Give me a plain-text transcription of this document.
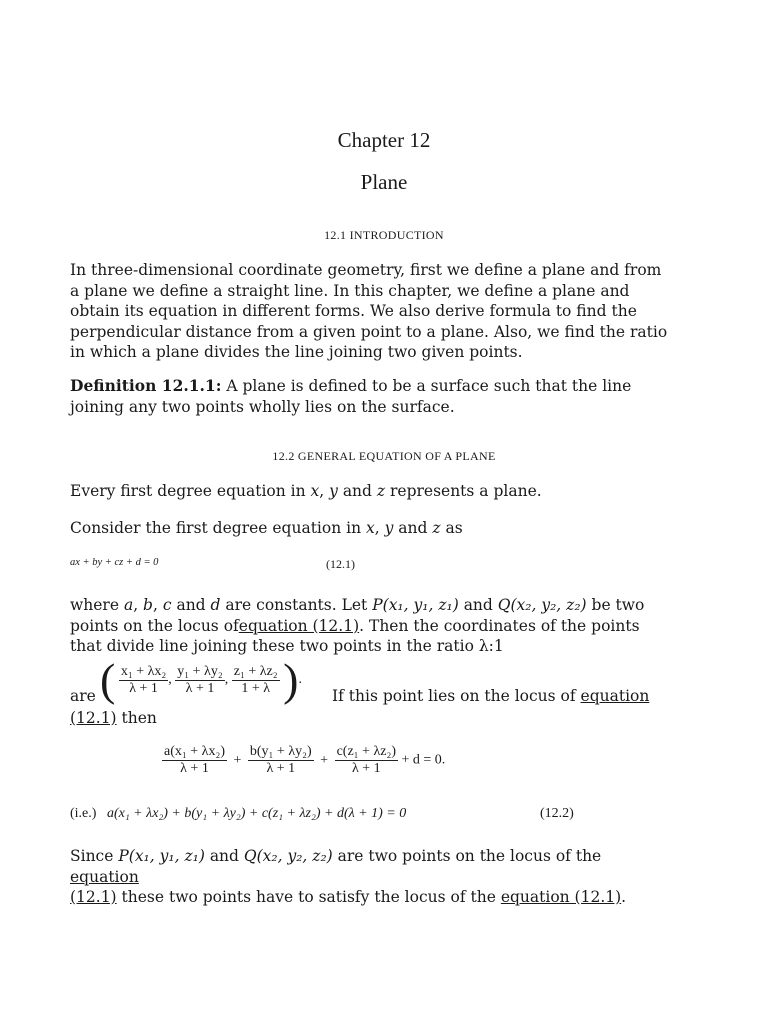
Chapter 12
Plane
12.1 INTRODUCTION

In three-dimensional coordinate geometry, first we define a plane and from

a plane we define a straight line. In this chapter, we define a plane and

obtain its equation in different forms. We also derive formula to find the

perpendicular distance from a given point to a plane. Also, we find the ratio

in which a plane divides the line joining two given points.

Definition 12.1.1: A plane is defined to be a surface such that the line

joining any two points wholly lies on the surface.

12.2 GENERAL EQUATION OF A PLANE

Every first degree equation in x, y and z represents a plane.

Consider the first degree equation in x, y and z as

ax + by + cz + d = 0	(12.1)

where a, b, c and d are constants. Let P(x₁, y₁, z₁) and Q(x₂, y₂, z₂) be two

points on the locus ofequation (12.1). Then the coordinates of the points

that divide line joining these two points in the ratio λ:1

( $\frac{\text{x₁ + λx₂}}{\lambda + 1}$ , $\frac{\text{y₁ + λy₂}}{\lambda + 1}$ , $\frac{\text{z₁ + λz₂}}{1 + \lambda}$ ).
are	If this point lies on the locus of equation
(12.1) then
$\frac{\text{a(x₁ + λx₂)}}{\lambda + 1} + \frac{\text{b(y₁ + λy₂)}}{\lambda + 1} + \frac{\text{c(z₁ + λz₂)}}{\lambda + 1} + d = 0$.
(i.e.) a(x₁ + λx₂) + b(y₁ + λy₂) + c(z₁ + λz₂) + d(λ + 1) = 0	(12.2)

Since P(x₁, y₁, z₁) and Q(x₂, y₂, z₂) are two points on the locus of the equation

(12.1) these two points have to satisfy the locus of the equation (12.1).
